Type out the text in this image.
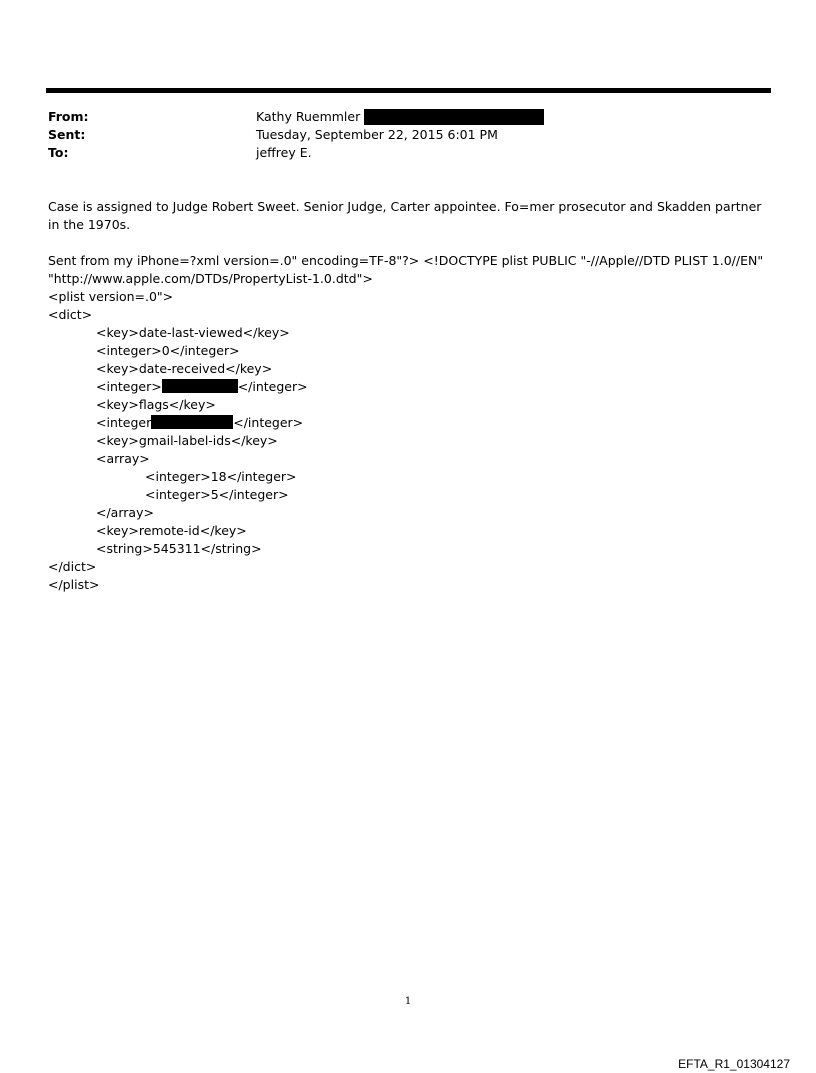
From:	Kathy Ruemmler
Sent:	Tuesday, September 22, 2015 6:01 PM
To:	jeffrey E.
Case is assigned to Judge Robert Sweet. Senior Judge, Carter appointee. Fo=mer prosecutor and Skadden partner in the 1970s.
Sent from my iPhone=?xml version=.0" encoding=TF-8"?> <!DOCTYPE plist PUBLIC "-//Apple//DTD PLIST 1.0//EN"
"http://www.apple.com/DTDs/PropertyList-1.0.dtd">
<plist version=.0">
<dict>
<key>date-last-viewed</key>
<integer>0</integer>
<key>date-received</key>
<integer>	</integer>
<key>flags</key>
<integer	</integer>
<key>gmail-label-ids</key>
<array>
<integer>18</integer>
<integer>5</integer>
</array>
<key>remote-id</key>
<string>545311</string>
</dict>
</plist>
1
EFTA_R1_01304127
